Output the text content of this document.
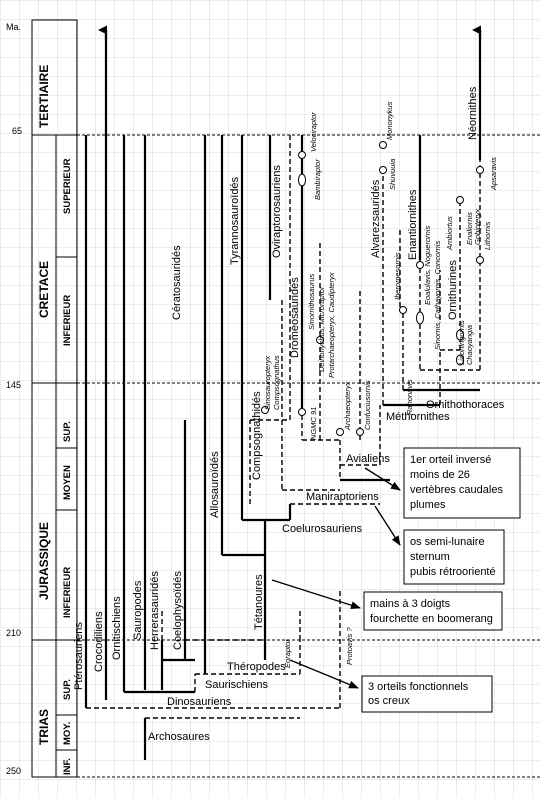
Ma.
65
145
210
250
TERTIAIRE
CRETACE
SUPERIEUR
INFERIEUR
JURASSIQUE
SUP.
MOYEN
INFERIEUR
TRIAS
SUP.
MOY.
INF.
Archosaures
Dinosauriens
Saurischiens
Théropodes
Coelurosauriens
Maniraptoriens
Avialiens
Méthornithes
Ornithothoraces
Ptérosauriens Crocodiliens Ornitischiens Sauropodes Herrerasauridés Coelophysoïdés
Cératosauridés
Allosauroïdés
Tyrannosauroïdés
Compsognathidés
Oviraptorosauriens
Droméosauridés
Alvarezsauridés Enantiornithes
Ornithurines
Néornithes
Tétanoures
Velociraptor
Bambiraptor
Sinornithosaurus Deinonychus, Microraptor Protarchaeopteryx, Caudipteryx
Sinosauropteryx Compsognathus	Archaeopteryx Confuciusornis	Rahonavis
Mononykus
Shuvuuia
Iberomesornis	Eoalulavis, Noguerornis Sinornis, Cathayornis, Concornis
Ambiortus
Chaoyangia
Liaoningornis
Apsaravis
Gobipteryx
Enaliornis Lithornis
Protoavis ?
Eoraptor
NGMC 91
1er orteil inversé
moins de 26
vertèbres caudales
plumes
os semi-lunaire
sternum
pubis rétroorienté
mains à 3 doigts
fourchette en boomerang
3 orteils fonctionnels
os creux
